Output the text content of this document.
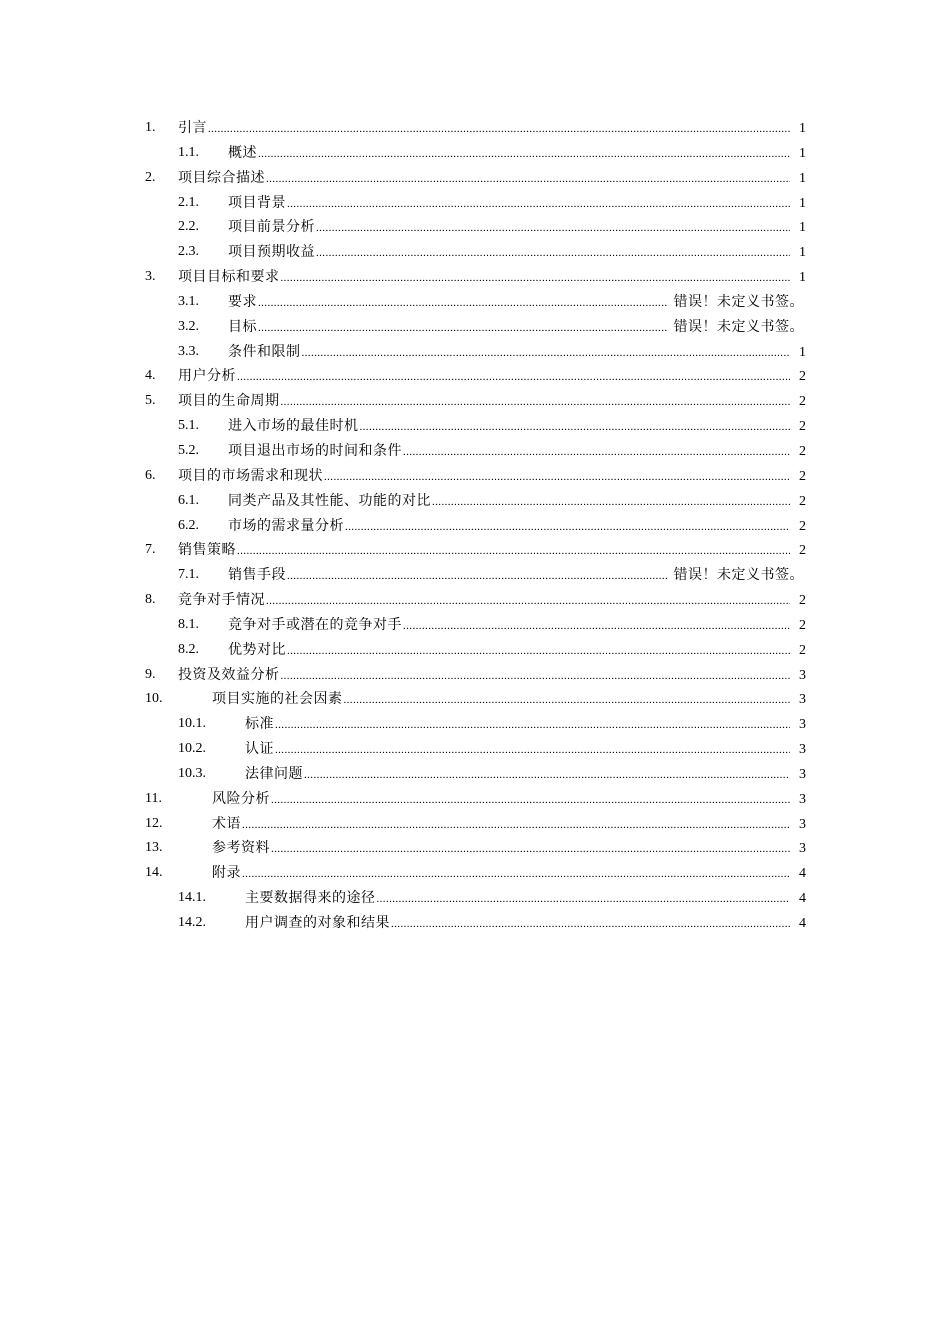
1. 引言 .....	1
1.1. 概述 .....	1
2. 项目综合描述 .....	1
2.1. 项目背景 .....	1
2.2. 项目前景分析 .....	1
2.3. 项目预期收益 .....	1
3. 项目目标和要求 .....	1
3.1. 要求 .....	错误！未定义书签。
3.2. 目标 .....	错误！未定义书签。
3.3. 条件和限制 .....	1
4. 用户分析 .....	2
5. 项目的生命周期 .....	2
5.1. 进入市场的最佳时机 .....	2
5.2. 项目退出市场的时间和条件 .....	2
6. 项目的市场需求和现状 .....	2
6.1. 同类产品及其性能、功能的对比 .....	2
6.2. 市场的需求量分析 .....	2
7. 销售策略 .....	2
7.1. 销售手段 .....	错误！未定义书签。
8. 竞争对手情况 .....	2
8.1. 竞争对手或潜在的竞争对手 .....	2
8.2. 优势对比 .....	2
9. 投资及效益分析 .....	3
10.	项目实施的社会因素 .....	3
10.1.	标准 .....	3
10.2.	认证 .....	3
10.3.	法律问题 .....	3
11.	风险分析 .....	3
12.	术语 .....	3
13.	参考资料 .....	3
14.	附录 .....	4
14.1.	主要数据得来的途径 .....	4
14.2.	用户调查的对象和结果 .....	4
